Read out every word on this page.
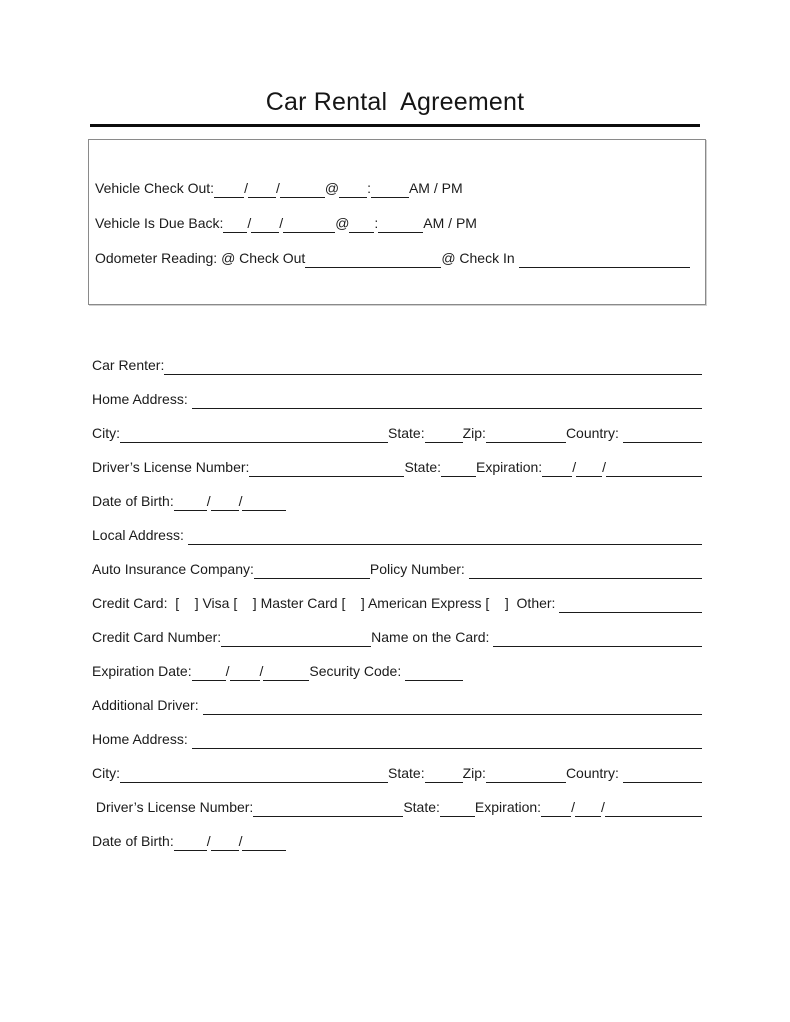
Car Rental  Agreement
Vehicle Check Out: / /	@ :	AM / PM
Vehicle Is Due Back: / /	@ :	AM / PM
Odometer Reading: @ Check Out	@ Check In
Car Renter:
Home Address:
City:	State:	Zip:	Country:
Driver’s License Number:	State:	Expiration: / /
Date of Birth: / /
Local Address:
Auto Insurance Company:	Policy Number:
Credit Card:  [    ] Visa [    ] Master Card [    ] American Express [    ]  Other:
Credit Card Number:	Name on the Card:
Expiration Date: / /	Security Code:
Additional Driver:
Home Address:
City:	State:	Zip:	Country:
Driver’s License Number:	State:	Expiration: / /
Date of Birth: / /
